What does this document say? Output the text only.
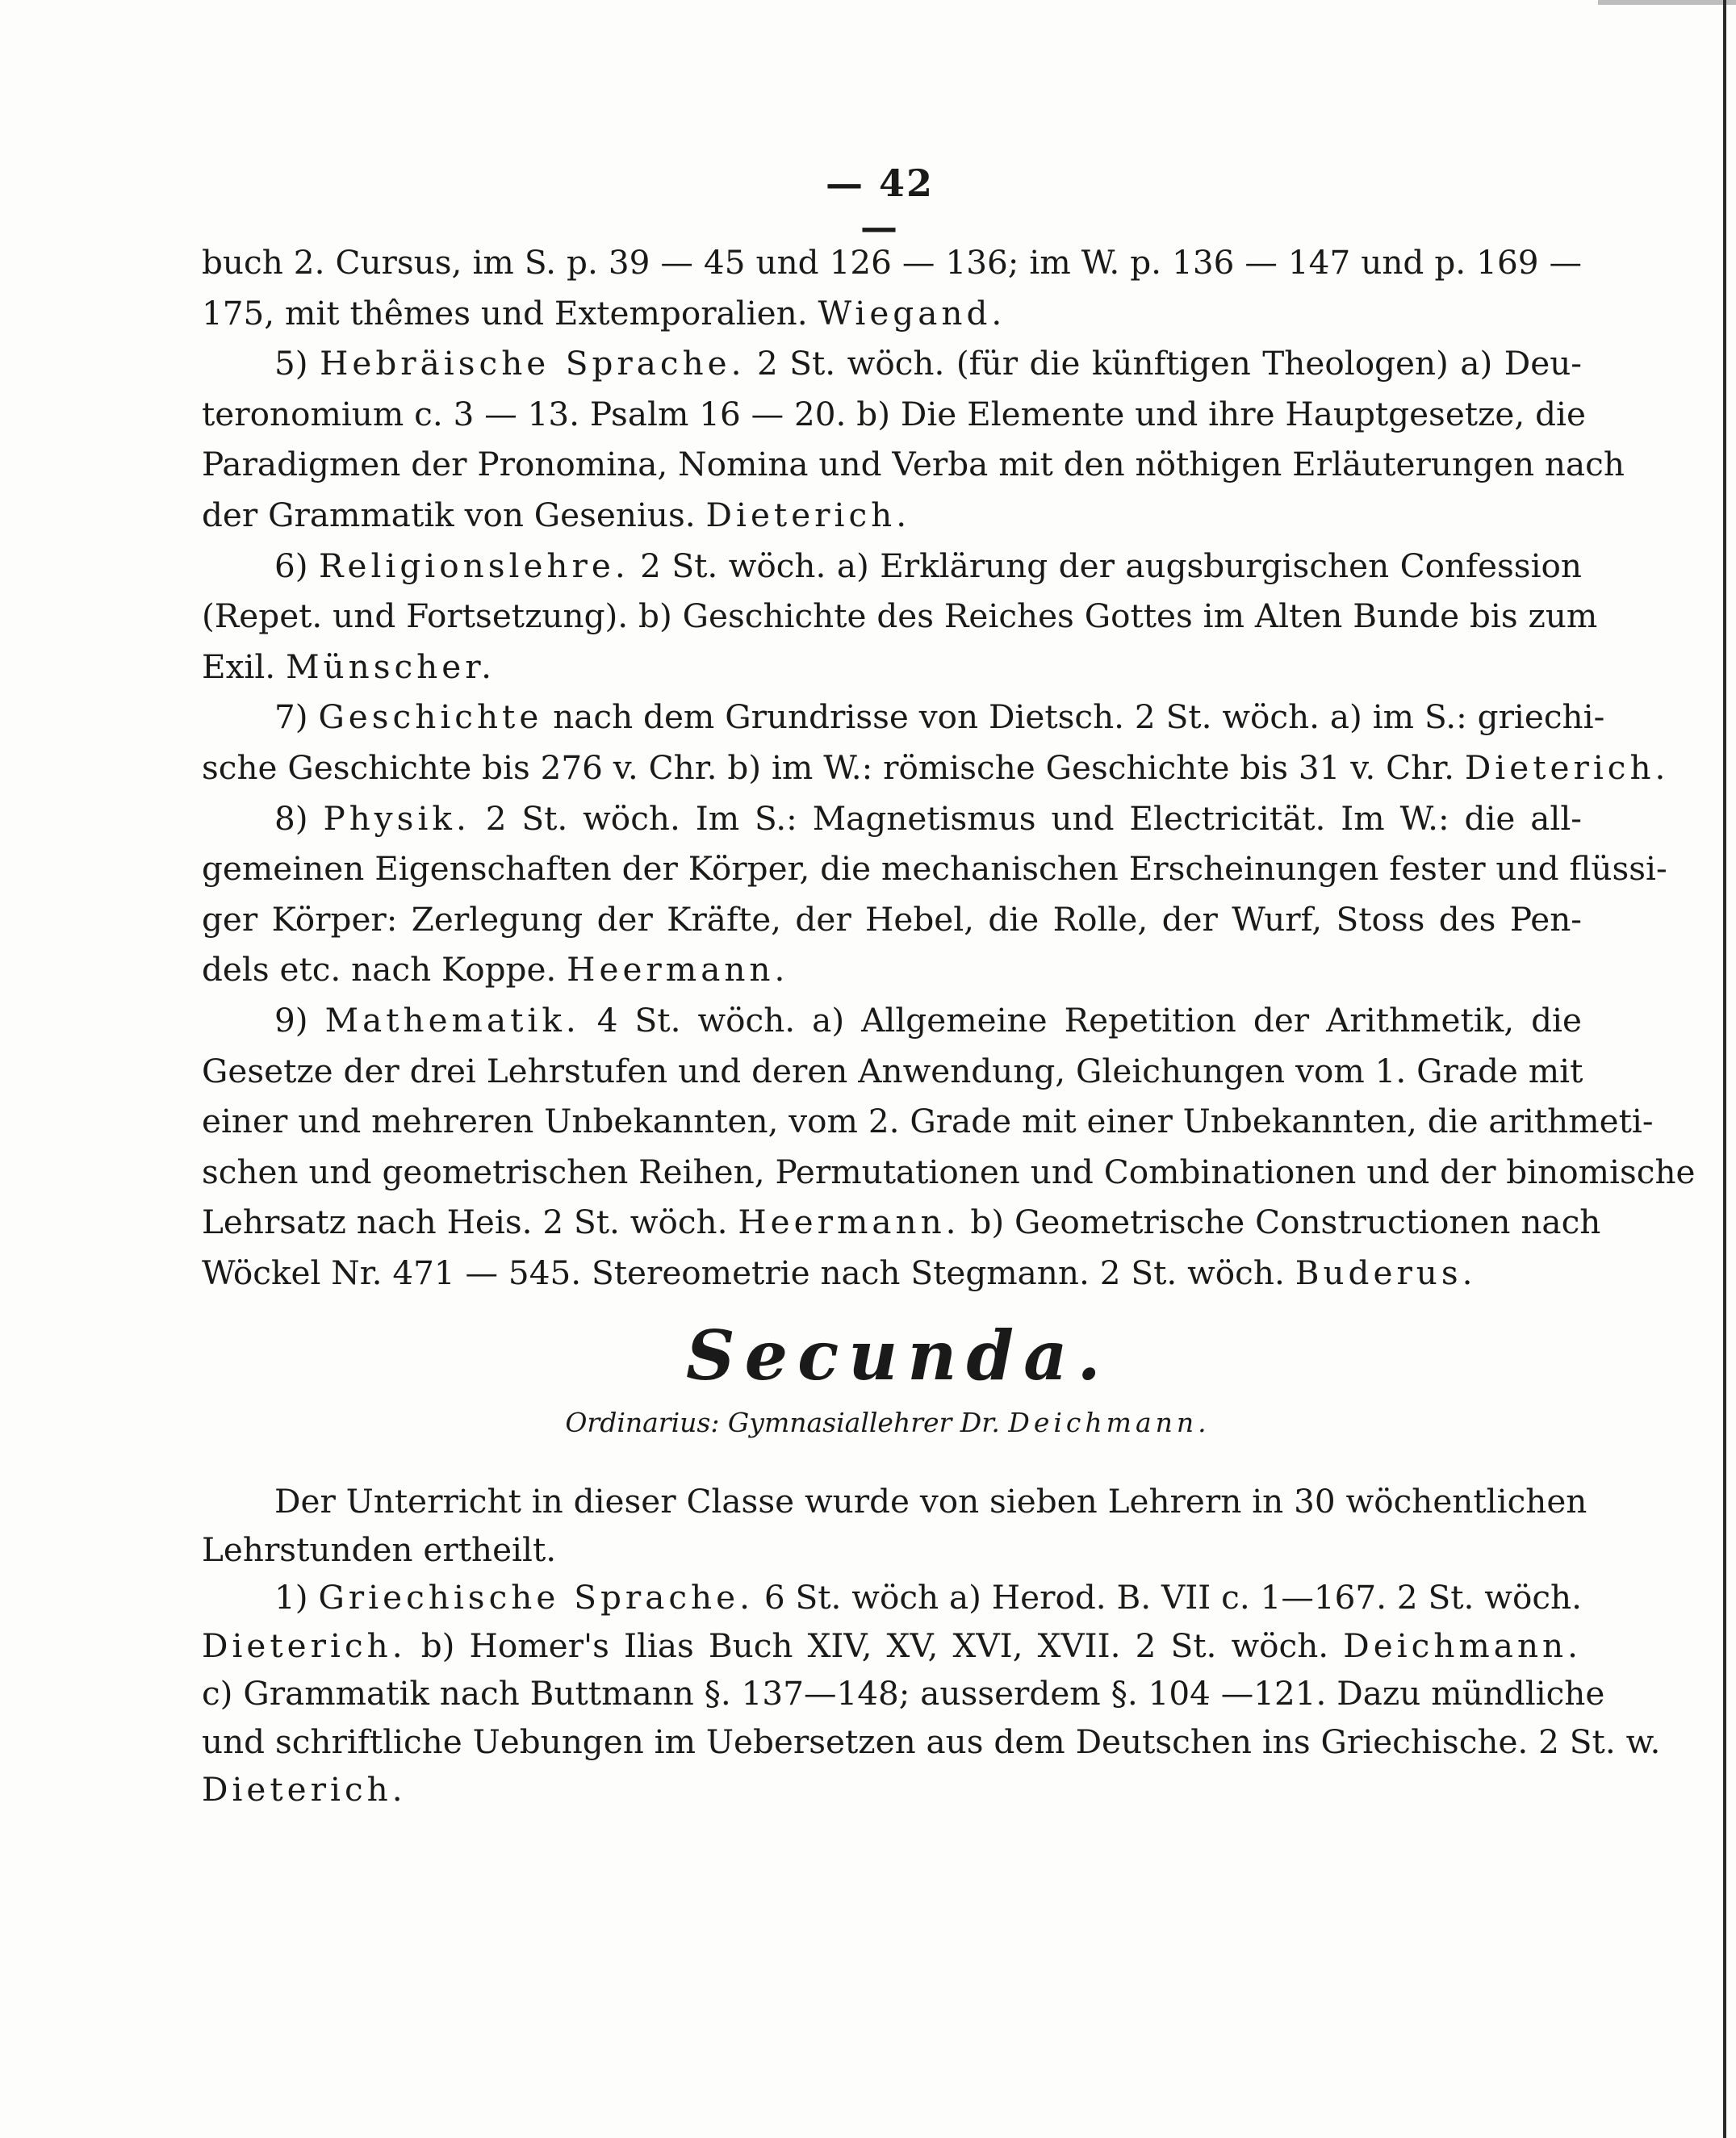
— 42 —
buch 2. Cursus, im S. p. 39 — 45 und 126 — 136; im W. p. 136 — 147 und p. 169 —
175, mit thêmes und Extemporalien. Wiegand.
5) Hebräische Sprache. 2 St. wöch. (für die künftigen Theologen) a) Deu-
teronomium c. 3 — 13. Psalm 16 — 20. b) Die Elemente und ihre Hauptgesetze, die
Paradigmen der Pronomina, Nomina und Verba mit den nöthigen Erläuterungen nach
der Grammatik von Gesenius. Dieterich.
6) Religionslehre. 2 St. wöch. a) Erklärung der augsburgischen Confession
(Repet. und Fortsetzung). b) Geschichte des Reiches Gottes im Alten Bunde bis zum
Exil. Münscher.
7) Geschichte nach dem Grundrisse von Dietsch. 2 St. wöch. a) im S.: griechi-
sche Geschichte bis 276 v. Chr. b) im W.: römische Geschichte bis 31 v. Chr. Dieterich.
8) Physik. 2 St. wöch. Im S.: Magnetismus und Electricität. Im W.: die all-
gemeinen Eigenschaften der Körper, die mechanischen Erscheinungen fester und flüssi-
ger Körper: Zerlegung der Kräfte, der Hebel, die Rolle, der Wurf, Stoss des Pen-
dels etc. nach Koppe. Heermann.
9) Mathematik. 4 St. wöch. a) Allgemeine Repetition der Arithmetik, die
Gesetze der drei Lehrstufen und deren Anwendung, Gleichungen vom 1. Grade mit
einer und mehreren Unbekannten, vom 2. Grade mit einer Unbekannten, die arithmeti-
schen und geometrischen Reihen, Permutationen und Combinationen und der binomische
Lehrsatz nach Heis. 2 St. wöch. Heermann. b) Geometrische Constructionen nach
Wöckel Nr. 471 — 545. Stereometrie nach Stegmann. 2 St. wöch. Buderus.
Secunda.
Ordinarius: Gymnasiallehrer Dr. Deichmann.
Der Unterricht in dieser Classe wurde von sieben Lehrern in 30 wöchentlichen
Lehrstunden ertheilt.
1) Griechische Sprache. 6 St. wöch a) Herod. B. VII c. 1—167. 2 St. wöch.
Dieterich. b) Homer's Ilias Buch XIV, XV, XVI, XVII. 2 St. wöch. Deichmann.
c) Grammatik nach Buttmann §. 137—148; ausserdem §. 104 —121. Dazu mündliche
und schriftliche Uebungen im Uebersetzen aus dem Deutschen ins Griechische. 2 St. w.
Dieterich.
